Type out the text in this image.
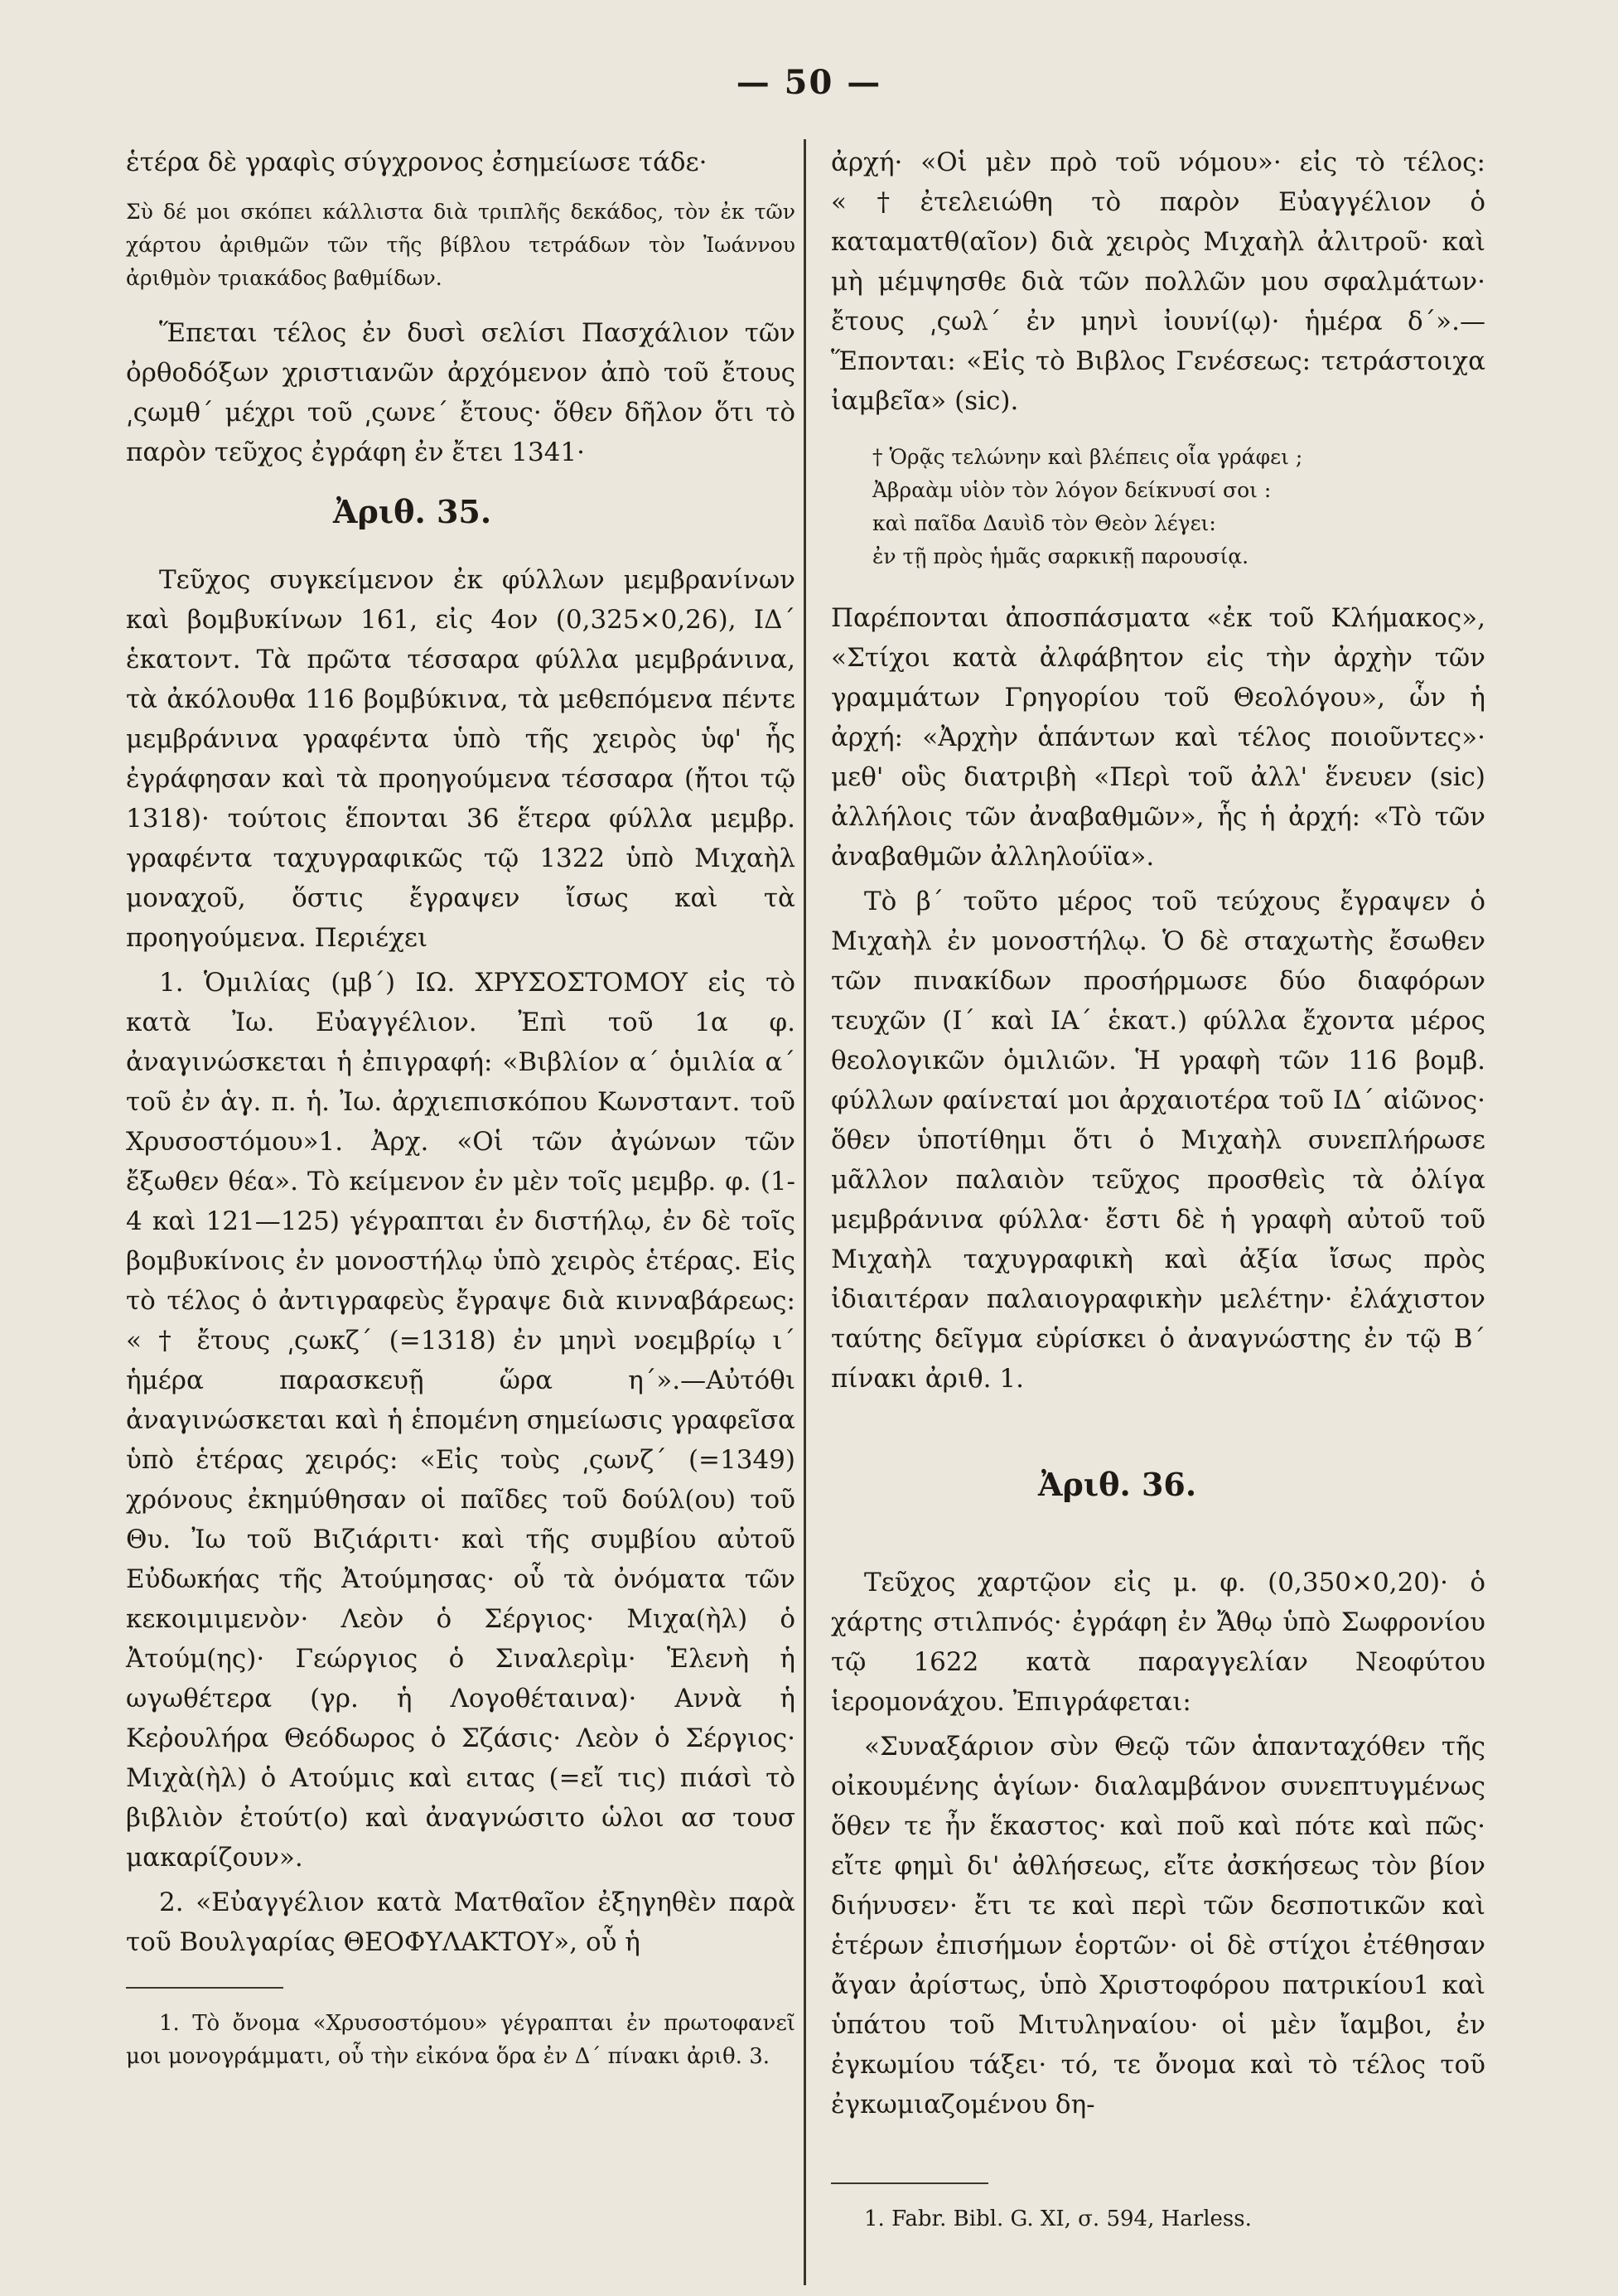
— 50 —

ἑτέρα δὲ γραφὶς σύγχρονος ἐσημείωσε τάδε·

Σὺ δέ μοι σκόπει κάλλιστα διὰ τριπλῆς δεκάδος, τὸν ἐκ τῶν χάρτου ἀριθμῶν τῶν τῆς βίβλου τετράδων τὸν Ἰωάννου ἀριθμὸν τριακάδος βαθμίδων.

Ἕπεται τέλος ἐν δυσὶ σελίσι Πασχάλιον τῶν ὀρθοδόξων χριστιανῶν ἀρχόμενον ἀπὸ τοῦ ἔτους ͵ςωμθ΄ μέχρι τοῦ ͵ςωνε΄ ἔτους· ὅθεν δῆλον ὅτι τὸ παρὸν τεῦχος ἐγράφη ἐν ἔτει 1341·

Ἀριθ. 35.

Τεῦχος συγκείμενον ἐκ φύλλων μεμβρανίνων καὶ βομβυκίνων 161, εἰς 4ον (0,325×0,26), ΙΔ΄ ἑκατοντ. Τὰ πρῶτα τέσσαρα φύλλα μεμβράνινα, τὰ ἀκόλουθα 116 βομβύκινα, τὰ μεθεπόμενα πέντε μεμβράνινα γραφέντα ὑπὸ τῆς χειρὸς ὑφ' ἧς ἐγράφησαν καὶ τὰ προηγούμενα τέσσαρα (ἤτοι τῷ 1318)· τούτοις ἕπονται 36 ἕτερα φύλλα μεμβρ. γραφέντα ταχυγραφικῶς τῷ 1322 ὑπὸ Μιχαὴλ μοναχοῦ, ὅστις ἔγραψεν ἴσως καὶ τὰ προηγούμενα. Περιέχει

1. Ὁμιλίας (μβ΄) ΙΩ. ΧΡΥΣΟΣΤΟΜΟΥ εἰς τὸ κατὰ Ἰω. Εὐαγγέλιον. Ἐπὶ τοῦ 1α φ. ἀναγινώσκεται ἡ ἐπιγραφή: «Βιβλίον α΄ ὁμιλία α΄ τοῦ ἐν ἁγ. π. ἡ. Ἰω. ἀρχιεπισκόπου Κωνσταντ. τοῦ Χρυσοστόμου»1. Ἀρχ. «Οἱ τῶν ἀγώνων τῶν ἔξωθεν θέα». Τὸ κείμενον ἐν μὲν τοῖς μεμβρ. φ. (1-4 καὶ 121—125) γέγραπται ἐν διστήλῳ, ἐν δὲ τοῖς βομβυκίνοις ἐν μονοστήλῳ ὑπὸ χειρὸς ἑτέρας. Εἰς τὸ τέλος ὁ ἀντιγραφεὺς ἔγραψε διὰ κινναβάρεως: « † ἔτους ͵ςωκζ΄ (=1318) ἐν μηνὶ νοεμβρίῳ ι΄ ἡμέρα παρασκευῇ ὥρα η΄».—Αὐτόθι ἀναγινώσκεται καὶ ἡ ἑπομένη σημείωσις γραφεῖσα ὑπὸ ἑτέρας χειρός: «Εἰς τοὺς ͵ςωνζ΄ (=1349) χρόνους ἐκημύθησαν οἱ παῖδες τοῦ δούλ(ου) τοῦ Θυ. Ἰω τοῦ Βιζιάριτι· καὶ τῆς συμβίου αὐτοῦ Εὐδωκήας τῆς Ἀτούμησας· οὗ τὰ ὀνόματα τῶν κεκοιμιμενὸν· Λεὸν ὁ Σέργιος· Μιχα(ὴλ) ὁ Ἀτούμ(ης)· Γεώργιος ὁ Σιναλερὶμ· Ἑλενὴ ἡ ωγωθέτερα (γρ. ἡ Λογοθέταινα)· Αννὰ ἡ Κεῤουλήρα Θεόδωρος ὁ Σζάσις· Λεὸν ὁ Σέργιος· Μιχὰ(ὴλ) ὁ Ατούμις καὶ ειτας (=εἴ τις) πιάσὶ τὸ βιβλιὸν ἐτούτ(ο) καὶ ἀναγνώσιτο ὡλοι ασ τουσ μακαρίζουν».

2. «Εὐαγγέλιον κατὰ Ματθαῖον ἐξηγηθὲν παρὰ τοῦ Βουλγαρίας ΘΕΟΦΥΛΑΚΤΟΥ», οὗ ἡ

1. Τὸ ὄνομα «Χρυσοστόμου» γέγραπται ἐν πρωτοφανεῖ μοι μονογράμματι, οὗ τὴν εἰκόνα ὅρα ἐν Δ΄ πίνακι ἀριθ. 3.

ἀρχή· «Οἱ μὲν πρὸ τοῦ νόμου»· εἰς τὸ τέλος: «†ἐτελειώθη τὸ παρὸν Εὐαγγέλιον ὁ καταματθ(αῖον) διὰ χειρὸς Μιχαὴλ ἀλιτροῦ· καὶ μὴ μέμψησθε διὰ τῶν πολλῶν μου σφαλμάτων· ἔτους ͵ςωλ΄ ἐν μηνὶ ἰουνί(ῳ)· ἡμέρα δ΄».—Ἕπονται: «Εἰς τὸ Βιβλος Γενέσεως: τετράστοιχα ἰαμβεῖα» (sic).

† Ὁρᾷς τελώνην καὶ βλέπεις οἷα γράφει ;
Ἀβραὰμ υἱὸν τὸν λόγον δείκνυσί σοι :
καὶ παῖδα Δαυὶδ τὸν Θεὸν λέγει:
ἐν τῇ πρὸς ἡμᾶς σαρκικῇ παρουσίᾳ.

Παρέπονται ἀποσπάσματα «ἐκ τοῦ Κλήμακος», «Στίχοι κατὰ ἀλφάβητον εἰς τὴν ἀρχὴν τῶν γραμμάτων Γρηγορίου τοῦ Θεολόγου», ὧν ἡ ἀρχή: «Ἀρχὴν ἁπάντων καὶ τέλος ποιοῦντες»· μεθ' οὓς διατριβὴ «Περὶ τοῦ ἀλλ' ἕνευεν (sic) ἀλλήλοις τῶν ἀναβαθμῶν», ἧς ἡ ἀρχή: «Τὸ τῶν ἀναβαθμῶν ἀλληλούϊα».

Τὸ β΄ τοῦτο μέρος τοῦ τεύχους ἔγραψεν ὁ Μιχαὴλ ἐν μονοστήλῳ. Ὁ δὲ σταχωτὴς ἔσωθεν τῶν πινακίδων προσήρμωσε δύο διαφόρων τευχῶν (Ι΄ καὶ ΙΑ΄ ἑκατ.) φύλλα ἔχοντα μέρος θεολογικῶν ὁμιλιῶν. Ἡ γραφὴ τῶν 116 βομβ. φύλλων φαίνεταί μοι ἀρχαιοτέρα τοῦ ΙΔ΄ αἰῶνος· ὅθεν ὑποτίθημι ὅτι ὁ Μιχαὴλ συνεπλήρωσε μᾶλλον παλαιὸν τεῦχος προσθεὶς τὰ ὀλίγα μεμβράνινα φύλλα· ἔστι δὲ ἡ γραφὴ αὐτοῦ τοῦ Μιχαὴλ ταχυγραφικὴ καὶ ἀξία ἴσως πρὸς ἰδιαιτέραν παλαιογραφικὴν μελέτην· ἐλάχιστον ταύτης δεῖγμα εὑρίσκει ὁ ἀναγνώστης ἐν τῷ Β΄ πίνακι ἀριθ. 1.

Ἀριθ. 36.

Τεῦχος χαρτῷον εἰς μ. φ. (0,350×0,20)· ὁ χάρτης στιλπνός· ἐγράφη ἐν Ἄθῳ ὑπὸ Σωφρονίου τῷ 1622 κατὰ παραγγελίαν Νεοφύτου ἱερομονάχου. Ἐπιγράφεται:

«Συναξάριον σὺν Θεῷ τῶν ἁπανταχόθεν τῆς οἰκουμένης ἁγίων· διαλαμβάνον συνεπτυγμένως ὅθεν τε ἦν ἕκαστος· καὶ ποῦ καὶ πότε καὶ πῶς· εἴτε φημὶ δι' ἀθλήσεως, εἴτε ἀσκήσεως τὸν βίον διήνυσεν· ἔτι τε καὶ περὶ τῶν δεσποτικῶν καὶ ἑτέρων ἐπισήμων ἑορτῶν· οἱ δὲ στίχοι ἐτέθησαν ἄγαν ἀρίστως, ὑπὸ Χριστοφόρου πατρικίου1 καὶ ὑπάτου τοῦ Μιτυληναίου· οἱ μὲν ἴαμβοι, ἐν ἐγκωμίου τάξει· τό, τε ὄνομα καὶ τὸ τέλος τοῦ ἐγκωμιαζομένου δη-

1. Fabr. Bibl. G. XI, σ. 594, Harless.
